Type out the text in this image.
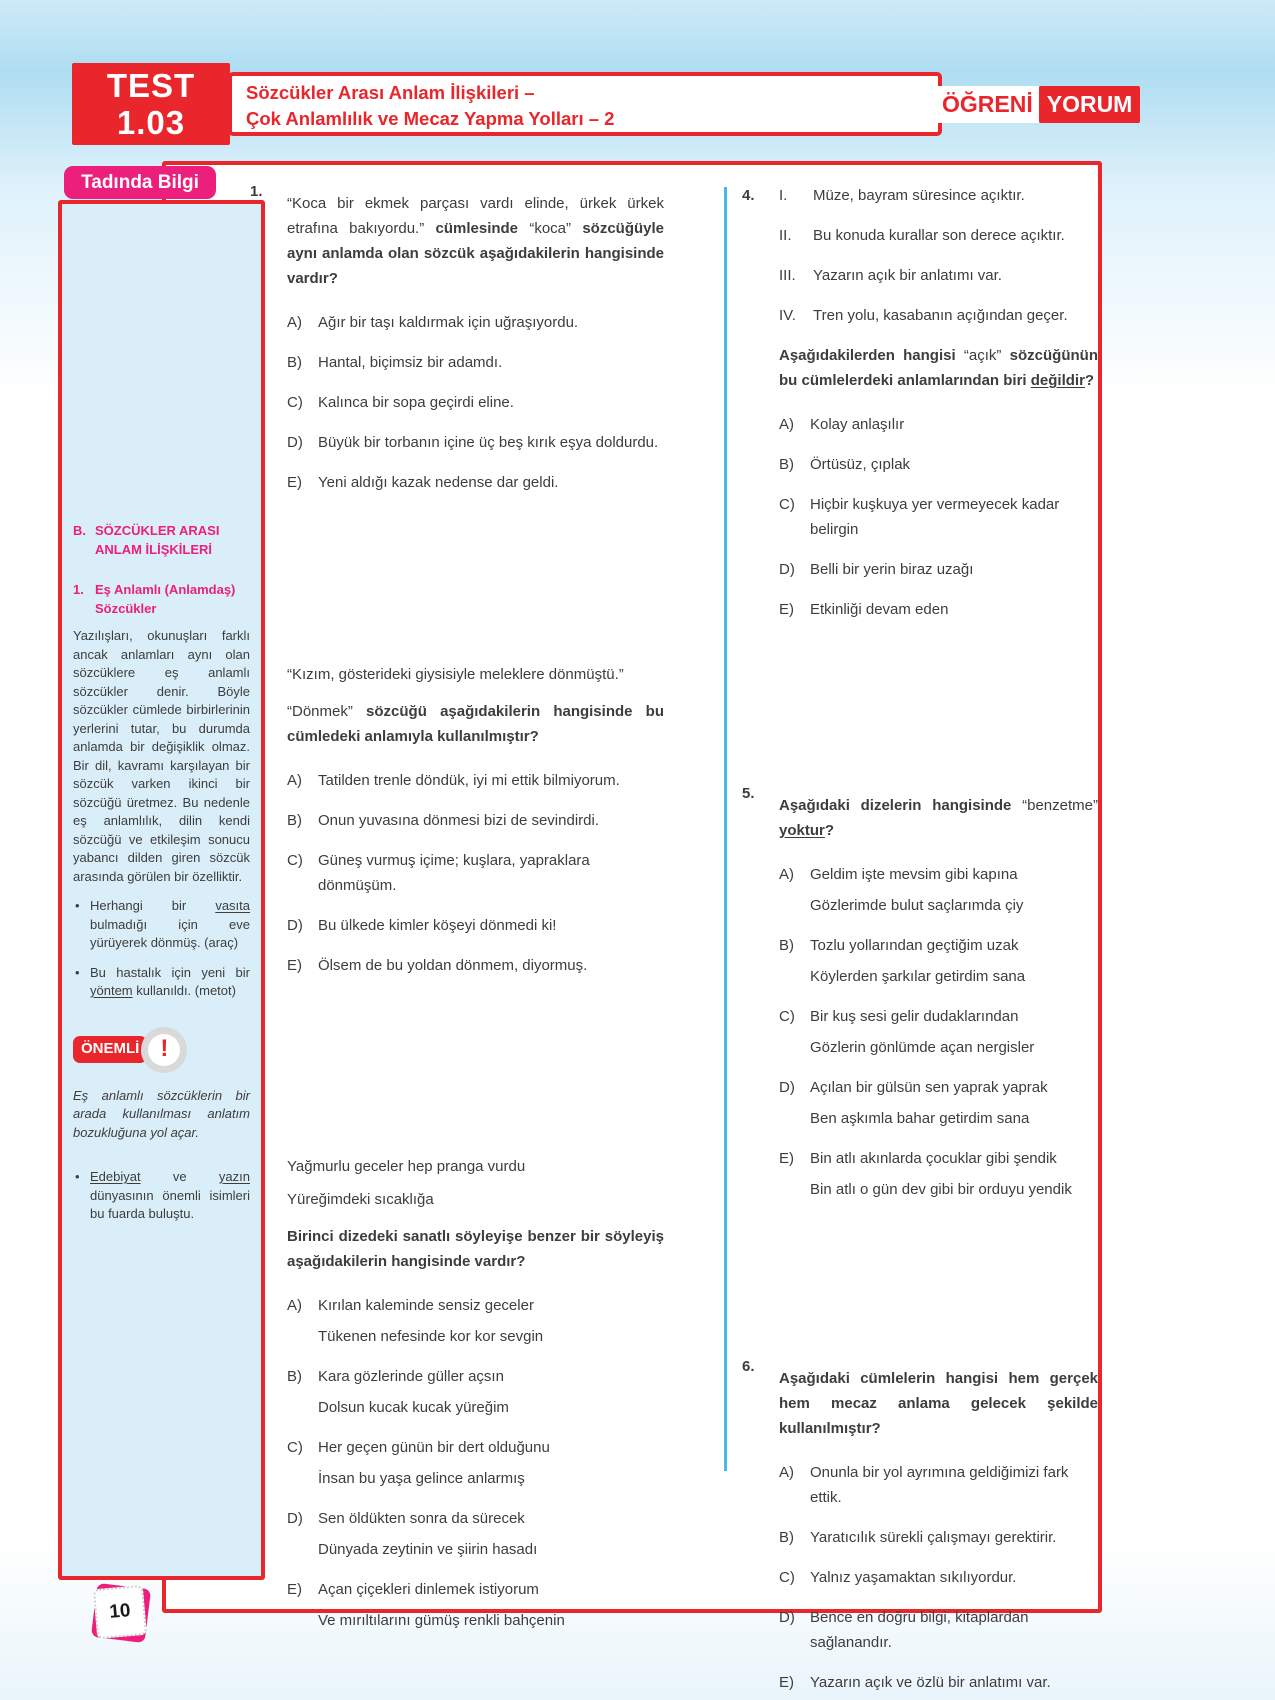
TEST
1.03
Sözcükler Arası Anlam İlişkileri –
Çok Anlamlılık ve Mecaz Yapma Yolları – 2
ÖĞRENİ YORUM
1.
“Koca bir ekmek parçası vardı elinde, ürkek ürkek etrafına bakıyordu.” cümlesinde “koca” sözcüğüyle aynı anlamda olan sözcük aşağıdakilerin hangisinde vardır?
A)	Ağır bir taşı kaldırmak için uğraşıyordu.
B)	Hantal, biçimsiz bir adamdı.
C)	Kalınca bir sopa geçirdi eline.
D)	Büyük bir torbanın içine üç beş kırık eşya doldurdu.
E)	Yeni aldığı kazak nedense dar geldi.
“Kızım, gösterideki giysisiyle meleklere dönmüştü.”
“Dönmek” sözcüğü aşağıdakilerin hangisinde bu cümledeki anlamıyla kullanılmıştır?
A)	Tatilden trenle döndük, iyi mi ettik bilmiyorum.
B)	Onun yuvasına dönmesi bizi de sevindirdi.
C)	Güneş vurmuş içime; kuşlara, yapraklara dönmüşüm.
D)	Bu ülkede kimler köşeyi dönmedi ki!
E)	Ölsem de bu yoldan dönmem, diyormuş.
Yağmurlu geceler hep pranga vurdu
Yüreğimdeki sıcaklığa
Birinci dizedeki sanatlı söyleyişe benzer bir söyleyiş aşağıdakilerin hangisinde vardır?
A)	Kırılan kaleminde sensiz geceler
Tükenen nefesinde kor kor sevgin
B)	Kara gözlerinde güller açsın
Dolsun kucak kucak yüreğim
C)	Her geçen günün bir dert olduğunu
İnsan bu yaşa gelince anlarmış
D)	Sen öldükten sonra da sürecek
Dünyada zeytinin ve şiirin hasadı
E)	Açan çiçekleri dinlemek istiyorum
Ve mırıltılarını gümüş renkli bahçenin
4. I.	Müze, bayram süresince açıktır.
II.	Bu konuda kurallar son derece açıktır.
III.	Yazarın açık bir anlatımı var.
IV.	Tren yolu, kasabanın açığından geçer.
Aşağıdakilerden hangisi “açık” sözcüğünün bu cümlelerdeki anlamlarından biri değildir?
A)	Kolay anlaşılır
B)	Örtüsüz, çıplak
C)	Hiçbir kuşkuya yer vermeyecek kadar belirgin
D)	Belli bir yerin biraz uzağı
E)	Etkinliği devam eden
5.
Aşağıdaki dizelerin hangisinde “benzetme” yoktur?
A)	Geldim işte mevsim gibi kapına
Gözlerimde bulut saçlarımda çiy
B)	Tozlu yollarından geçtiğim uzak
Köylerden şarkılar getirdim sana
C)	Bir kuş sesi gelir dudaklarından
Gözlerin gönlümde açan nergisler
D)	Açılan bir gülsün sen yaprak yaprak
Ben aşkımla bahar getirdim sana
E)	Bin atlı akınlarda çocuklar gibi şendik
Bin atlı o gün dev gibi bir orduyu yendik
6.
Aşağıdaki cümlelerin hangisi hem gerçek hem mecaz anlama gelecek şekilde kullanılmıştır?
A)	Onunla bir yol ayrımına geldiğimizi fark ettik.
B)	Yaratıcılık sürekli çalışmayı gerektirir.
C)	Yalnız yaşamaktan sıkılıyordur.
D)	Bence en doğru bilgi, kitaplardan sağlanandır.
E)	Yazarın açık ve özlü bir anlatımı var.
Tadında Bilgi
B. SÖZCÜKLER ARASI ANLAM İLİŞKİLERİ
1. Eş Anlamlı (Anlamdaş) Sözcükler
Yazılışları, okunuşları farklı ancak anlamları aynı olan sözcüklere eş anlamlı sözcükler denir. Böyle sözcükler cümlede birbirlerinin yerlerini tutar, bu durumda anlamda bir değişiklik olmaz. Bir dil, kavramı karşılayan bir sözcük varken ikinci bir sözcüğü üretmez. Bu nedenle eş anlamlılık, dilin kendi sözcüğü ve etkileşim sonucu yabancı dilden giren sözcük arasında görülen bir özelliktir.
• Herhangi bir vasıta bulmadığı için eve yürüyerek dönmüş. (araç)
• Bu hastalık için yeni bir yöntem kullanıldı. (metot)
ÖNEMLİ !
Eş anlamlı sözcüklerin bir arada kullanılması anlatım bozukluğuna yol açar.
• Edebiyat ve yazın dünyasının önemli isimleri bu fuarda buluştu.
10
